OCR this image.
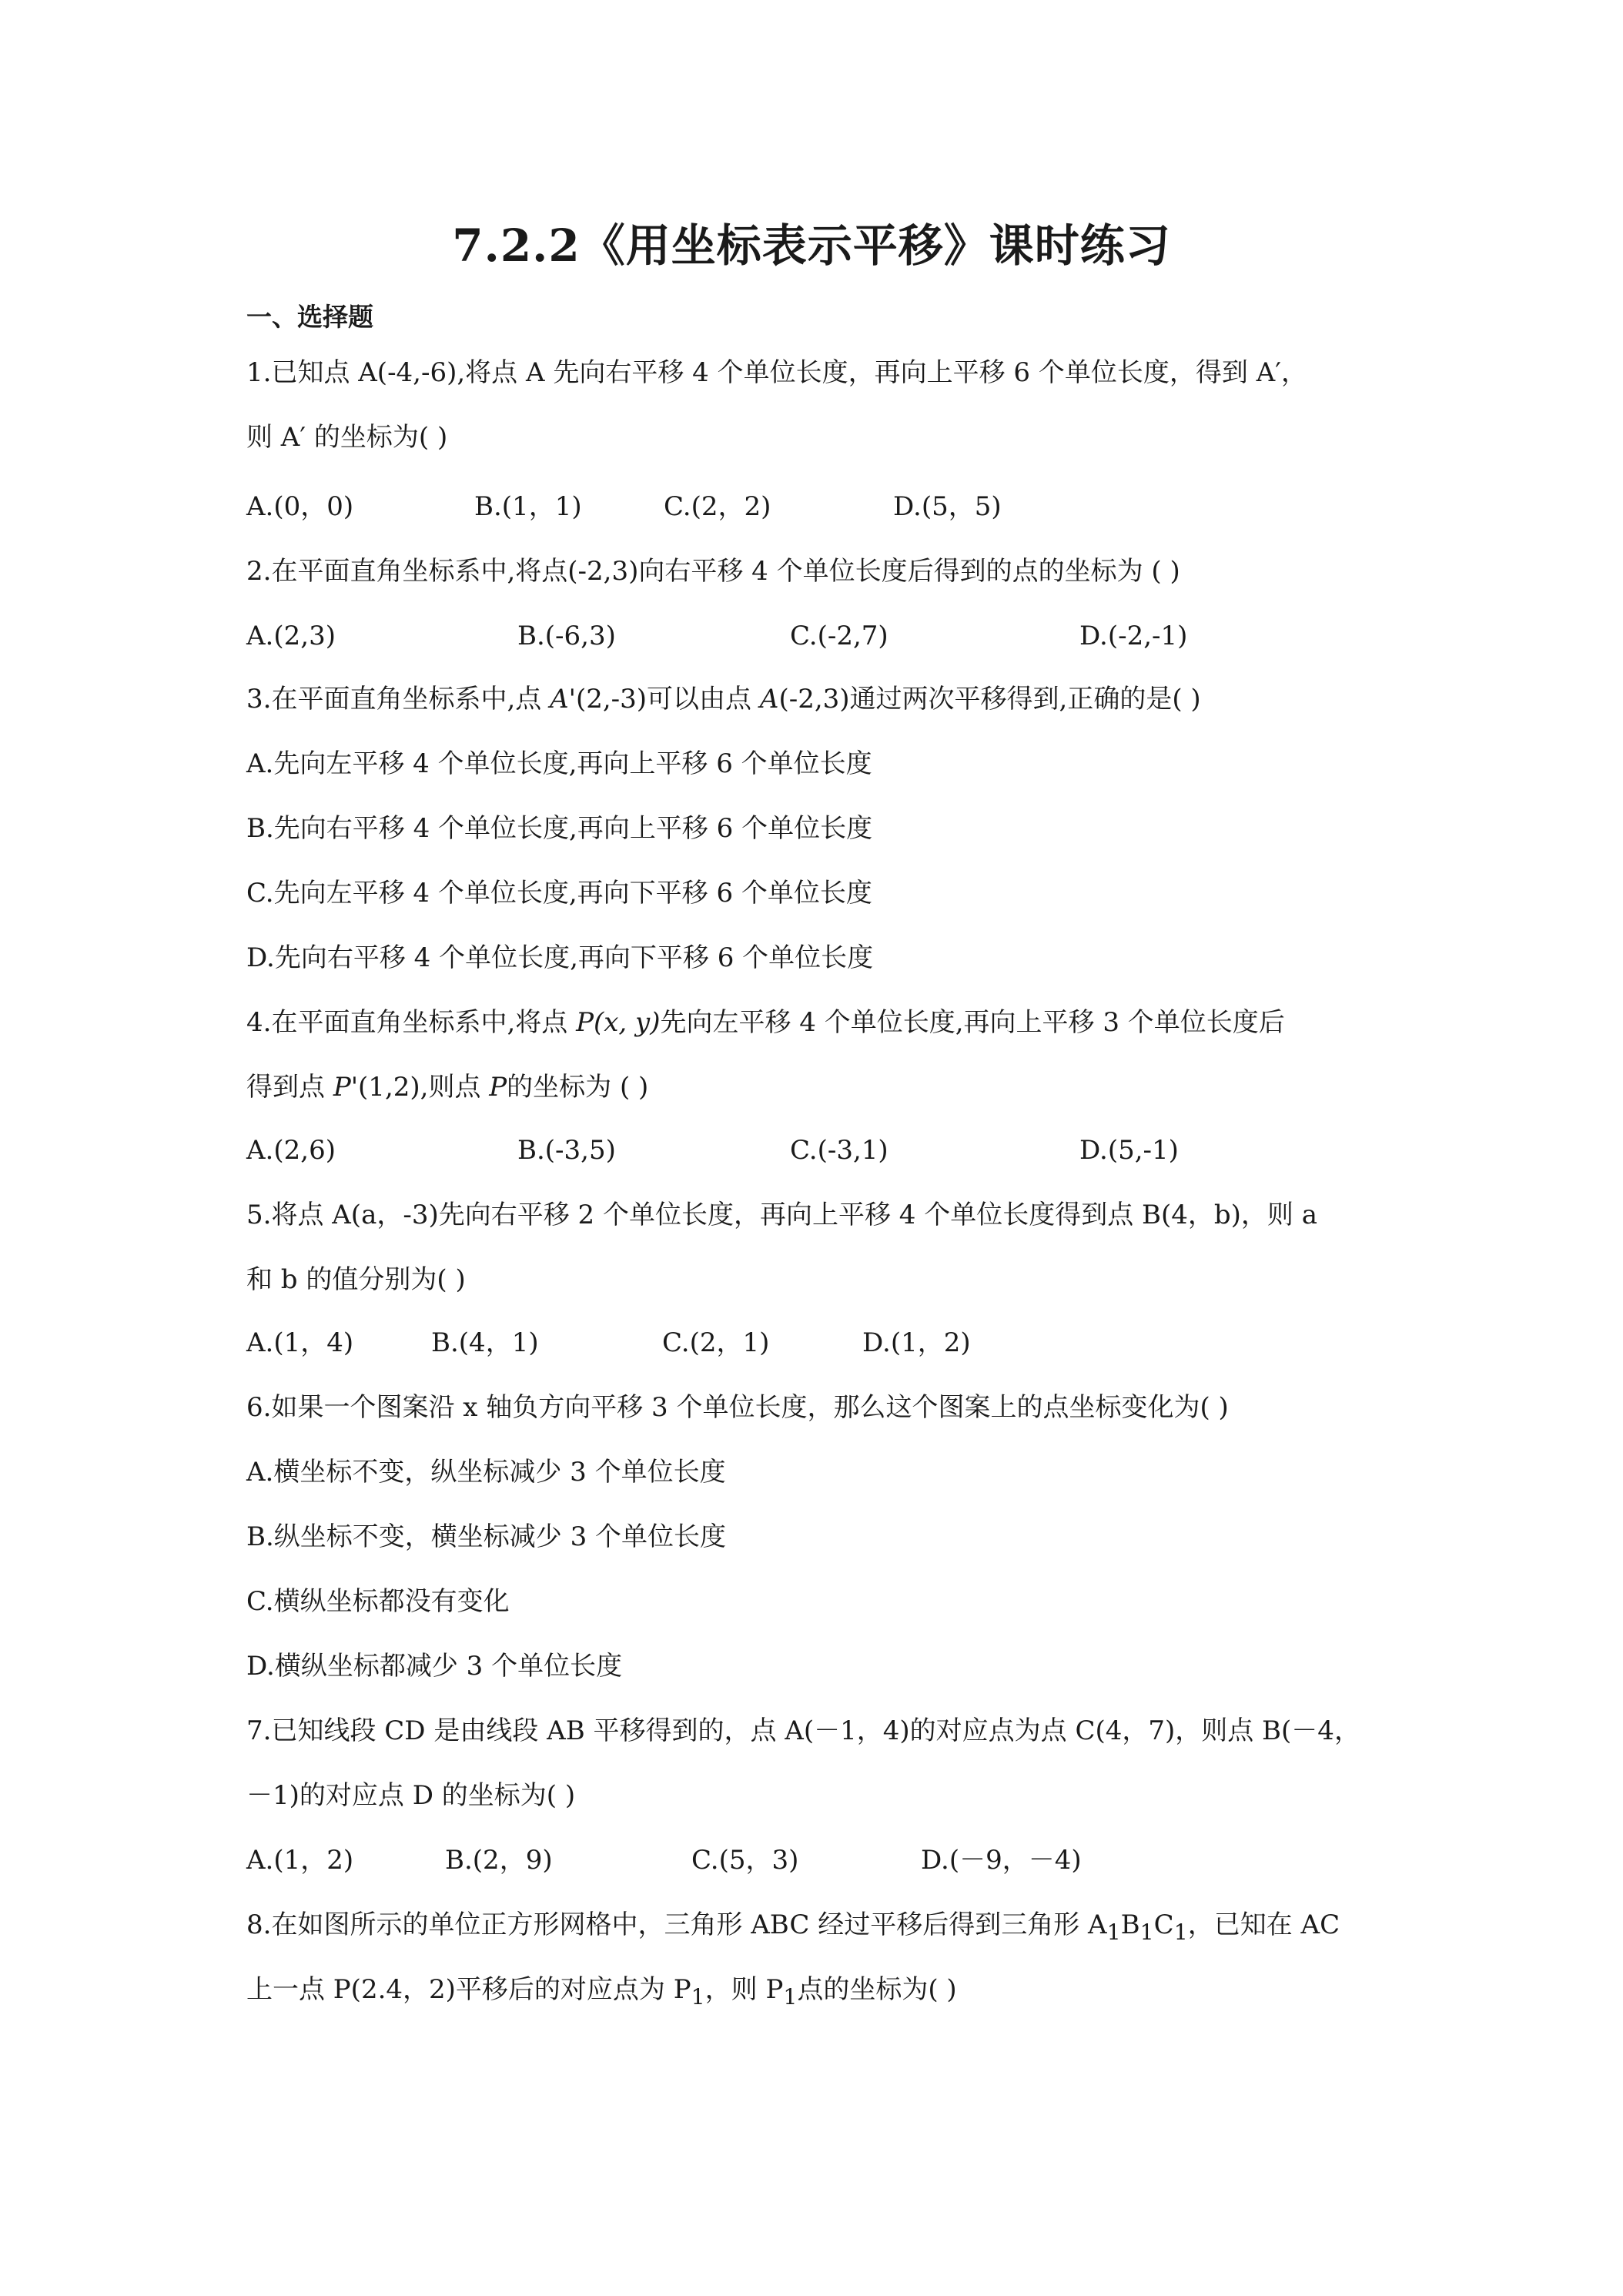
7.2.2《用坐标表示平移》课时练习
一、选择题
1.已知点 A(-4,-6),将点 A 先向右平移 4 个单位长度，再向上平移 6 个单位长度，得到 A′，
则 A′ 的坐标为( )
A.(0，0)	B.(1，1)	C.(2，2)	D.(5，5)
2.在平面直角坐标系中,将点(-2,3)向右平移 4 个单位长度后得到的点的坐标为 ( )
A.(2,3)	B.(-6,3)	C.(-2,7)	D.(-2,-1)
3.在平面直角坐标系中,点 A'(2,-3)可以由点 A(-2,3)通过两次平移得到,正确的是( )
A.先向左平移 4 个单位长度,再向上平移 6 个单位长度
B.先向右平移 4 个单位长度,再向上平移 6 个单位长度
C.先向左平移 4 个单位长度,再向下平移 6 个单位长度
D.先向右平移 4 个单位长度,再向下平移 6 个单位长度
4.在平面直角坐标系中,将点 P(x, y)先向左平移 4 个单位长度,再向上平移 3 个单位长度后
得到点 P'(1,2),则点 P的坐标为 ( )
A.(2,6)	B.(-3,5)	C.(-3,1)	D.(5,-1)
5.将点 A(a，-3)先向右平移 2 个单位长度，再向上平移 4 个单位长度得到点 B(4，b)，则 a
和 b 的值分别为( )
A.(1，4)	B.(4，1)	C.(2，1)	D.(1，2)
6.如果一个图案沿 x 轴负方向平移 3 个单位长度，那么这个图案上的点坐标变化为( )
A.横坐标不变，纵坐标减少 3 个单位长度
B.纵坐标不变，横坐标减少 3 个单位长度
C.横纵坐标都没有变化
D.横纵坐标都减少 3 个单位长度
7.已知线段 CD 是由线段 AB 平移得到的，点 A(－1，4)的对应点为点 C(4，7)，则点 B(－4，
－1)的对应点 D 的坐标为( )
A.(1，2)	B.(2，9)	C.(5，3)	D.(－9，－4)
8.在如图所示的单位正方形网格中，三角形 ABC 经过平移后得到三角形 $A_1B_1C_1$，已知在 AC
上一点 P(2.4，2)平移后的对应点为 $P_1$，则 $P_1$点的坐标为( )
